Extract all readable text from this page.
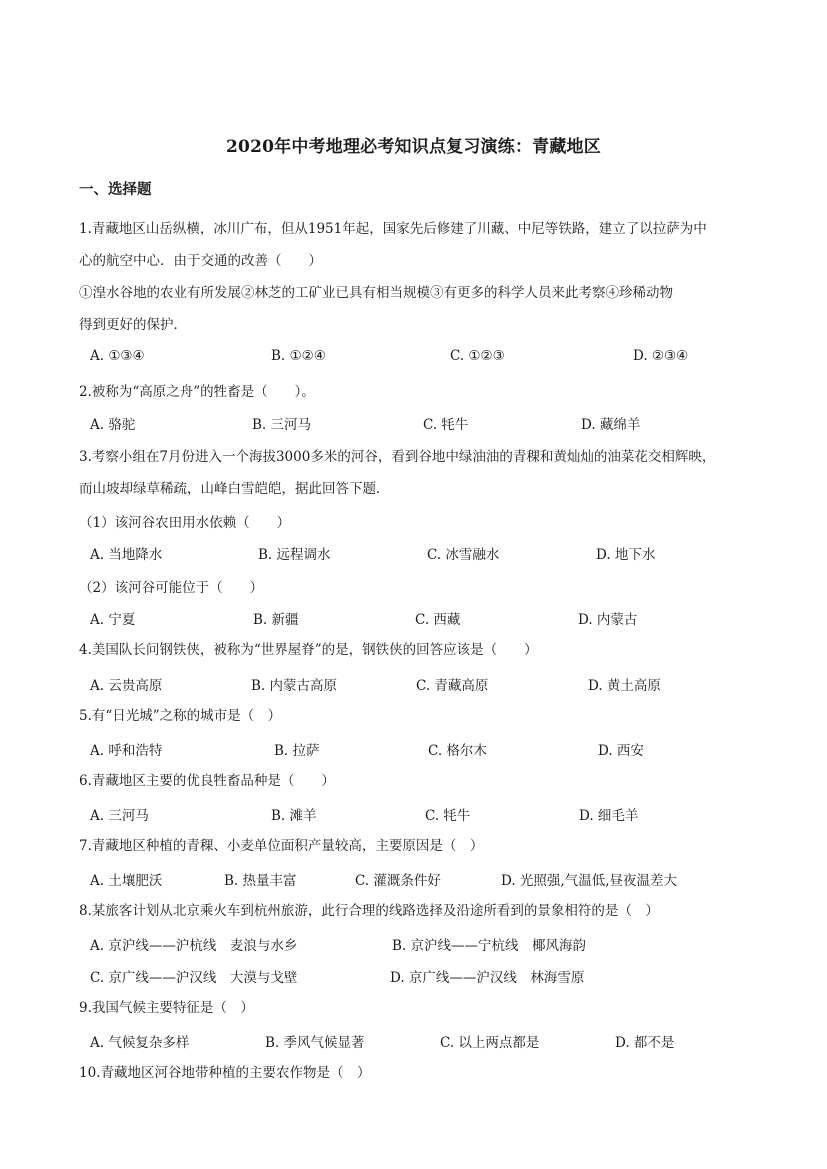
2020年中考地理必考知识点复习演练：青藏地区
一、选择题
1.青藏地区山岳纵横，冰川广布，但从1951年起，国家先后修建了川藏、中尼等铁路，建立了以拉萨为中
心的航空中心．由于交通的改善（　　）
①湟水谷地的农业有所发展②林芝的工矿业已具有相当规模③有更多的科学人员来此考察④珍稀动物
得到更好的保护．
A. ①③④	B. ①②④	C. ①②③	D. ②③④
2.被称为“高原之舟”的牲畜是（　　）。
A. 骆驼	B. 三河马	C. 牦牛	D. 藏绵羊
3.考察小组在7月份进入一个海拔3000多米的河谷，看到谷地中绿油油的青稞和黄灿灿的油菜花交相辉映，
而山坡却绿草稀疏，山峰白雪皑皑，据此回答下题．
（1）该河谷农田用水依赖（　　）
A. 当地降水	B. 远程调水	C. 冰雪融水	D. 地下水
（2）该河谷可能位于（　　）
A. 宁夏	B. 新疆	C. 西藏	D. 内蒙古
4.美国队长问钢铁侠，被称为“世界屋脊”的是，钢铁侠的回答应该是（　　）
A. 云贵高原	B. 内蒙古高原	C. 青藏高原	D. 黄土高原
5.有“日光城”之称的城市是（　）
A. 呼和浩特	B. 拉萨	C. 格尔木	D. 西安
6.青藏地区主要的优良牲畜品种是（　　）
A. 三河马	B. 滩羊	C. 牦牛	D. 细毛羊
7.青藏地区种植的青稞、小麦单位面积产量较高，主要原因是（　）
A. 土壤肥沃	B. 热量丰富	C. 灌溉条件好	D. 光照强,气温低,昼夜温差大
8.某旅客计划从北京乘火车到杭州旅游，此行合理的线路选择及沿途所看到的景象相符的是（　）
A. 京沪线——沪杭线　麦浪与水乡	B. 京沪线——宁杭线　椰风海韵
C. 京广线——沪汉线　大漠与戈壁	D. 京广线——沪汉线　林海雪原
9.我国气候主要特征是（　）
A. 气候复杂多样	B. 季风气候显著	C. 以上两点都是	D. 都不是
10.青藏地区河谷地带种植的主要农作物是（　）
